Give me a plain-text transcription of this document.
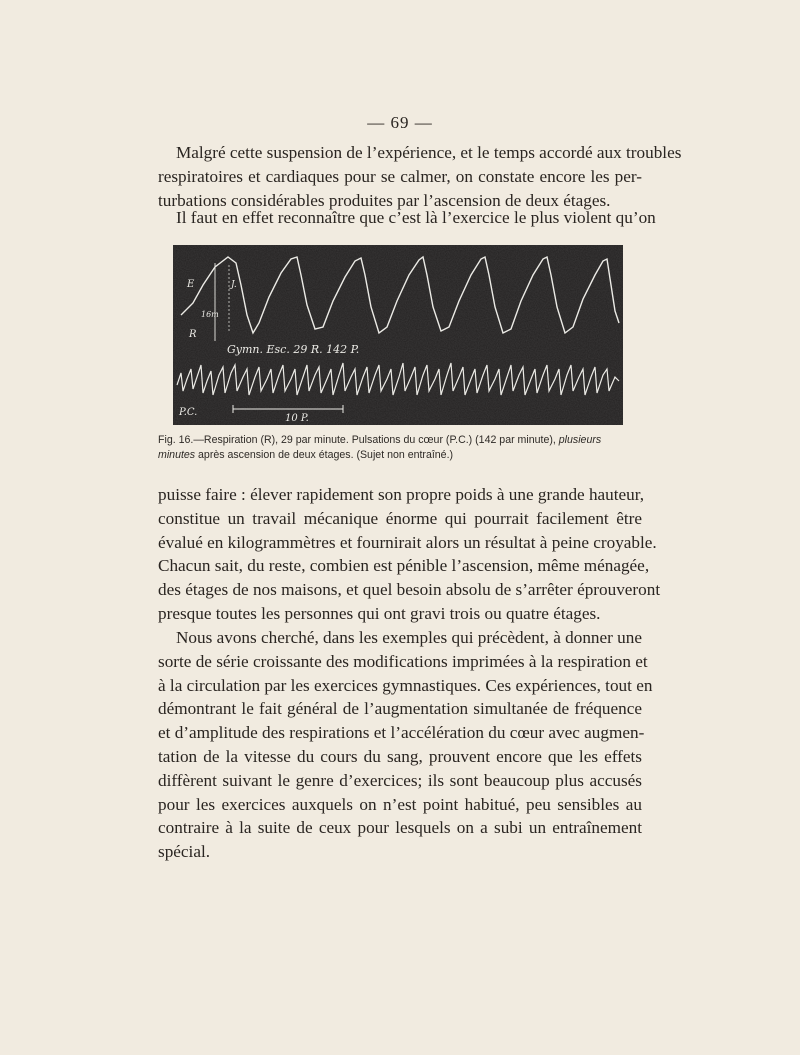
— 69 —

Malgré cette suspension de l’expérience, et le temps accordé aux troubles
respiratoires et cardiaques pour se calmer, on constate encore les per-
turbations considérables produites par l’ascension de deux étages.

Il faut en effet reconnaître que c’est là l’exercice le plus violent qu’on

E	J.
16m
R
Gymn. Esc. 29 R. 142 P.
P.C.
10 P.

Fig. 16.—Respiration (R), 29 par minute. Pulsations du cœur (P.C.) (142 par minute), plusieurs
minutes après ascension de deux étages. (Sujet non entraîné.)

puisse faire : élever rapidement son propre poids à une grande hauteur,
constitue un travail mécanique énorme qui pourrait facilement être
évalué en kilogrammètres et fournirait alors un résultat à peine croyable.
Chacun sait, du reste, combien est pénible l’ascension, même ménagée,
des étages de nos maisons, et quel besoin absolu de s’arrêter éprouveront
presque toutes les personnes qui ont gravi trois ou quatre étages.

Nous avons cherché, dans les exemples qui précèdent, à donner une
sorte de série croissante des modifications imprimées à la respiration et
à la circulation par les exercices gymnastiques. Ces expériences, tout en
démontrant le fait général de l’augmentation simultanée de fréquence
et d’amplitude des respirations et l’accélération du cœur avec augmen-
tation de la vitesse du cours du sang, prouvent encore que les effets
diffèrent suivant le genre d’exercices; ils sont beaucoup plus accusés
pour les exercices auxquels on n’est point habitué, peu sensibles au
contraire à la suite de ceux pour lesquels on a subi un entraînement
spécial.
